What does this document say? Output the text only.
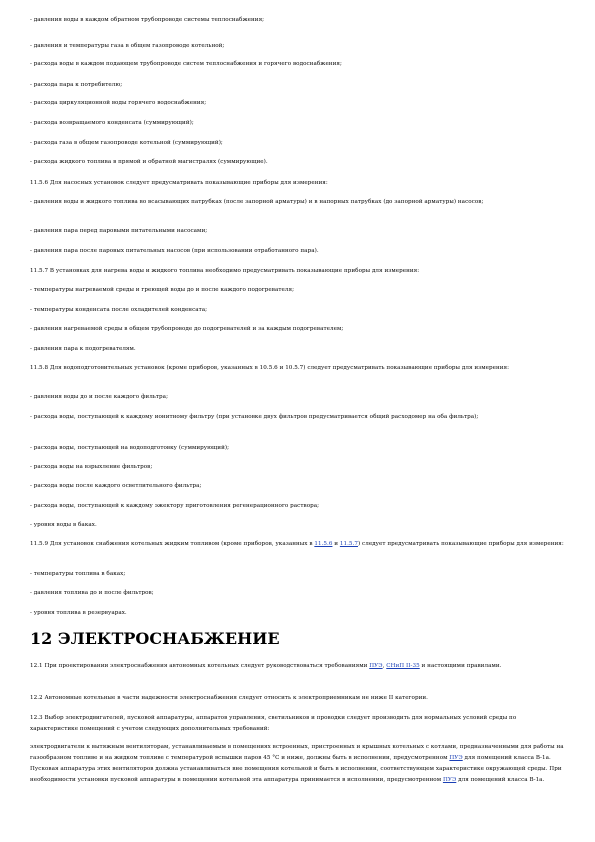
- давления воды в каждом обратном трубопроводе системы теплоснабжения;
- давления и температуры газа в общем газопроводе котельной;
- расхода воды в каждом подающем трубопроводе систем теплоснабжения и горячего водоснабжения;
- расхода пара к потребителю;
- расхода циркуляционной воды горячего водоснабжения;
- расхода возвращаемого конденсата (суммирующий);
- расхода газа в общем газопроводе котельной (суммирующий);
- расхода жидкого топлива в прямой и обратной магистралях (суммирующие).
11.5.6 Для насосных установок следует предусматривать показывающие приборы для измерения:
- давления воды и жидкого топлива во всасывающих патрубках (после запорной арматуры) и в напорных патрубках (до запорной арматуры) насосов;
- давления пара перед паровыми питательными насосами;
- давления пара после паровых питательных насосов (при использовании отработанного пара).
11.5.7 В установках для нагрева воды и жидкого топлива необходимо предусматривать показывающие приборы для измерения:
- температуры нагреваемой среды и греющей воды до и после каждого подогревателя;
- температуры конденсата после охладителей конденсата;
- давления нагреваемой среды в общем трубопроводе до подогревателей и за каждым подогревателем;
- давления пара к подогревателям.
11.5.8 Для водоподготовительных установок (кроме приборов, указанных в 10.5.6 и 10.5.7) следует предусматривать показывающие приборы для измерения:
- давления воды до и после каждого фильтра;
- расхода воды, поступающей к каждому ионитному фильтру (при установке двух фильтров предусматривается общий расходомер на оба фильтра);
- расхода воды, поступающей на водоподготовку (суммирующий);
- расхода воды на взрыхление фильтров;
- расхода воды после каждого осветлительного фильтра;
- расхода воды, поступающей к каждому эжектору приготовления регенерационного раствора;
- уровня воды в баках.
11.5.9 Для установок снабжения котельных жидким топливом (кроме приборов, указанных в 11.5.6 и 11.5.7) следует предусматривать показывающие приборы для измерения:
- температуры топлива в баках;
- давления топлива до и после фильтров;
- уровня топлива в резервуарах.
12 ЭЛЕКТРОСНАБЖЕНИЕ
12.1 При проектировании электроснабжения автономных котельных следует руководствоваться требованиями ПУЭ, СНиП II-35 и настоящими правилами.
12.2 Автономные котельные в части надежности электроснабжения следует относить к электроприемникам не ниже II категории.
12.3 Выбор электродвигателей, пусковой аппаратуры, аппаратов управления, светильников и проводки следует производить для нормальных условий среды по характеристике помещений с учетом следующих дополнительных требований:
электродвигатели к вытяжным вентиляторам, устанавливаемым в помещениях встроенных, пристроенных и крышных котельных с котлами, предназначенными для работы на газообразном топливе и на жидком топливе с температурой вспышки паров 45 °С и ниже, должны быть в исполнении, предусмотренном ПУЭ для помещений класса В-1а. Пусковая аппаратура этих вентиляторов должна устанавливаться вне помещения котельной и быть в исполнении, соответствующем характеристике окружающей среды. При необходимости установки пусковой аппаратуры в помещении котельной эта аппаратура принимается в исполнении, предусмотренном ПУЭ для помещений класса В-1а.
